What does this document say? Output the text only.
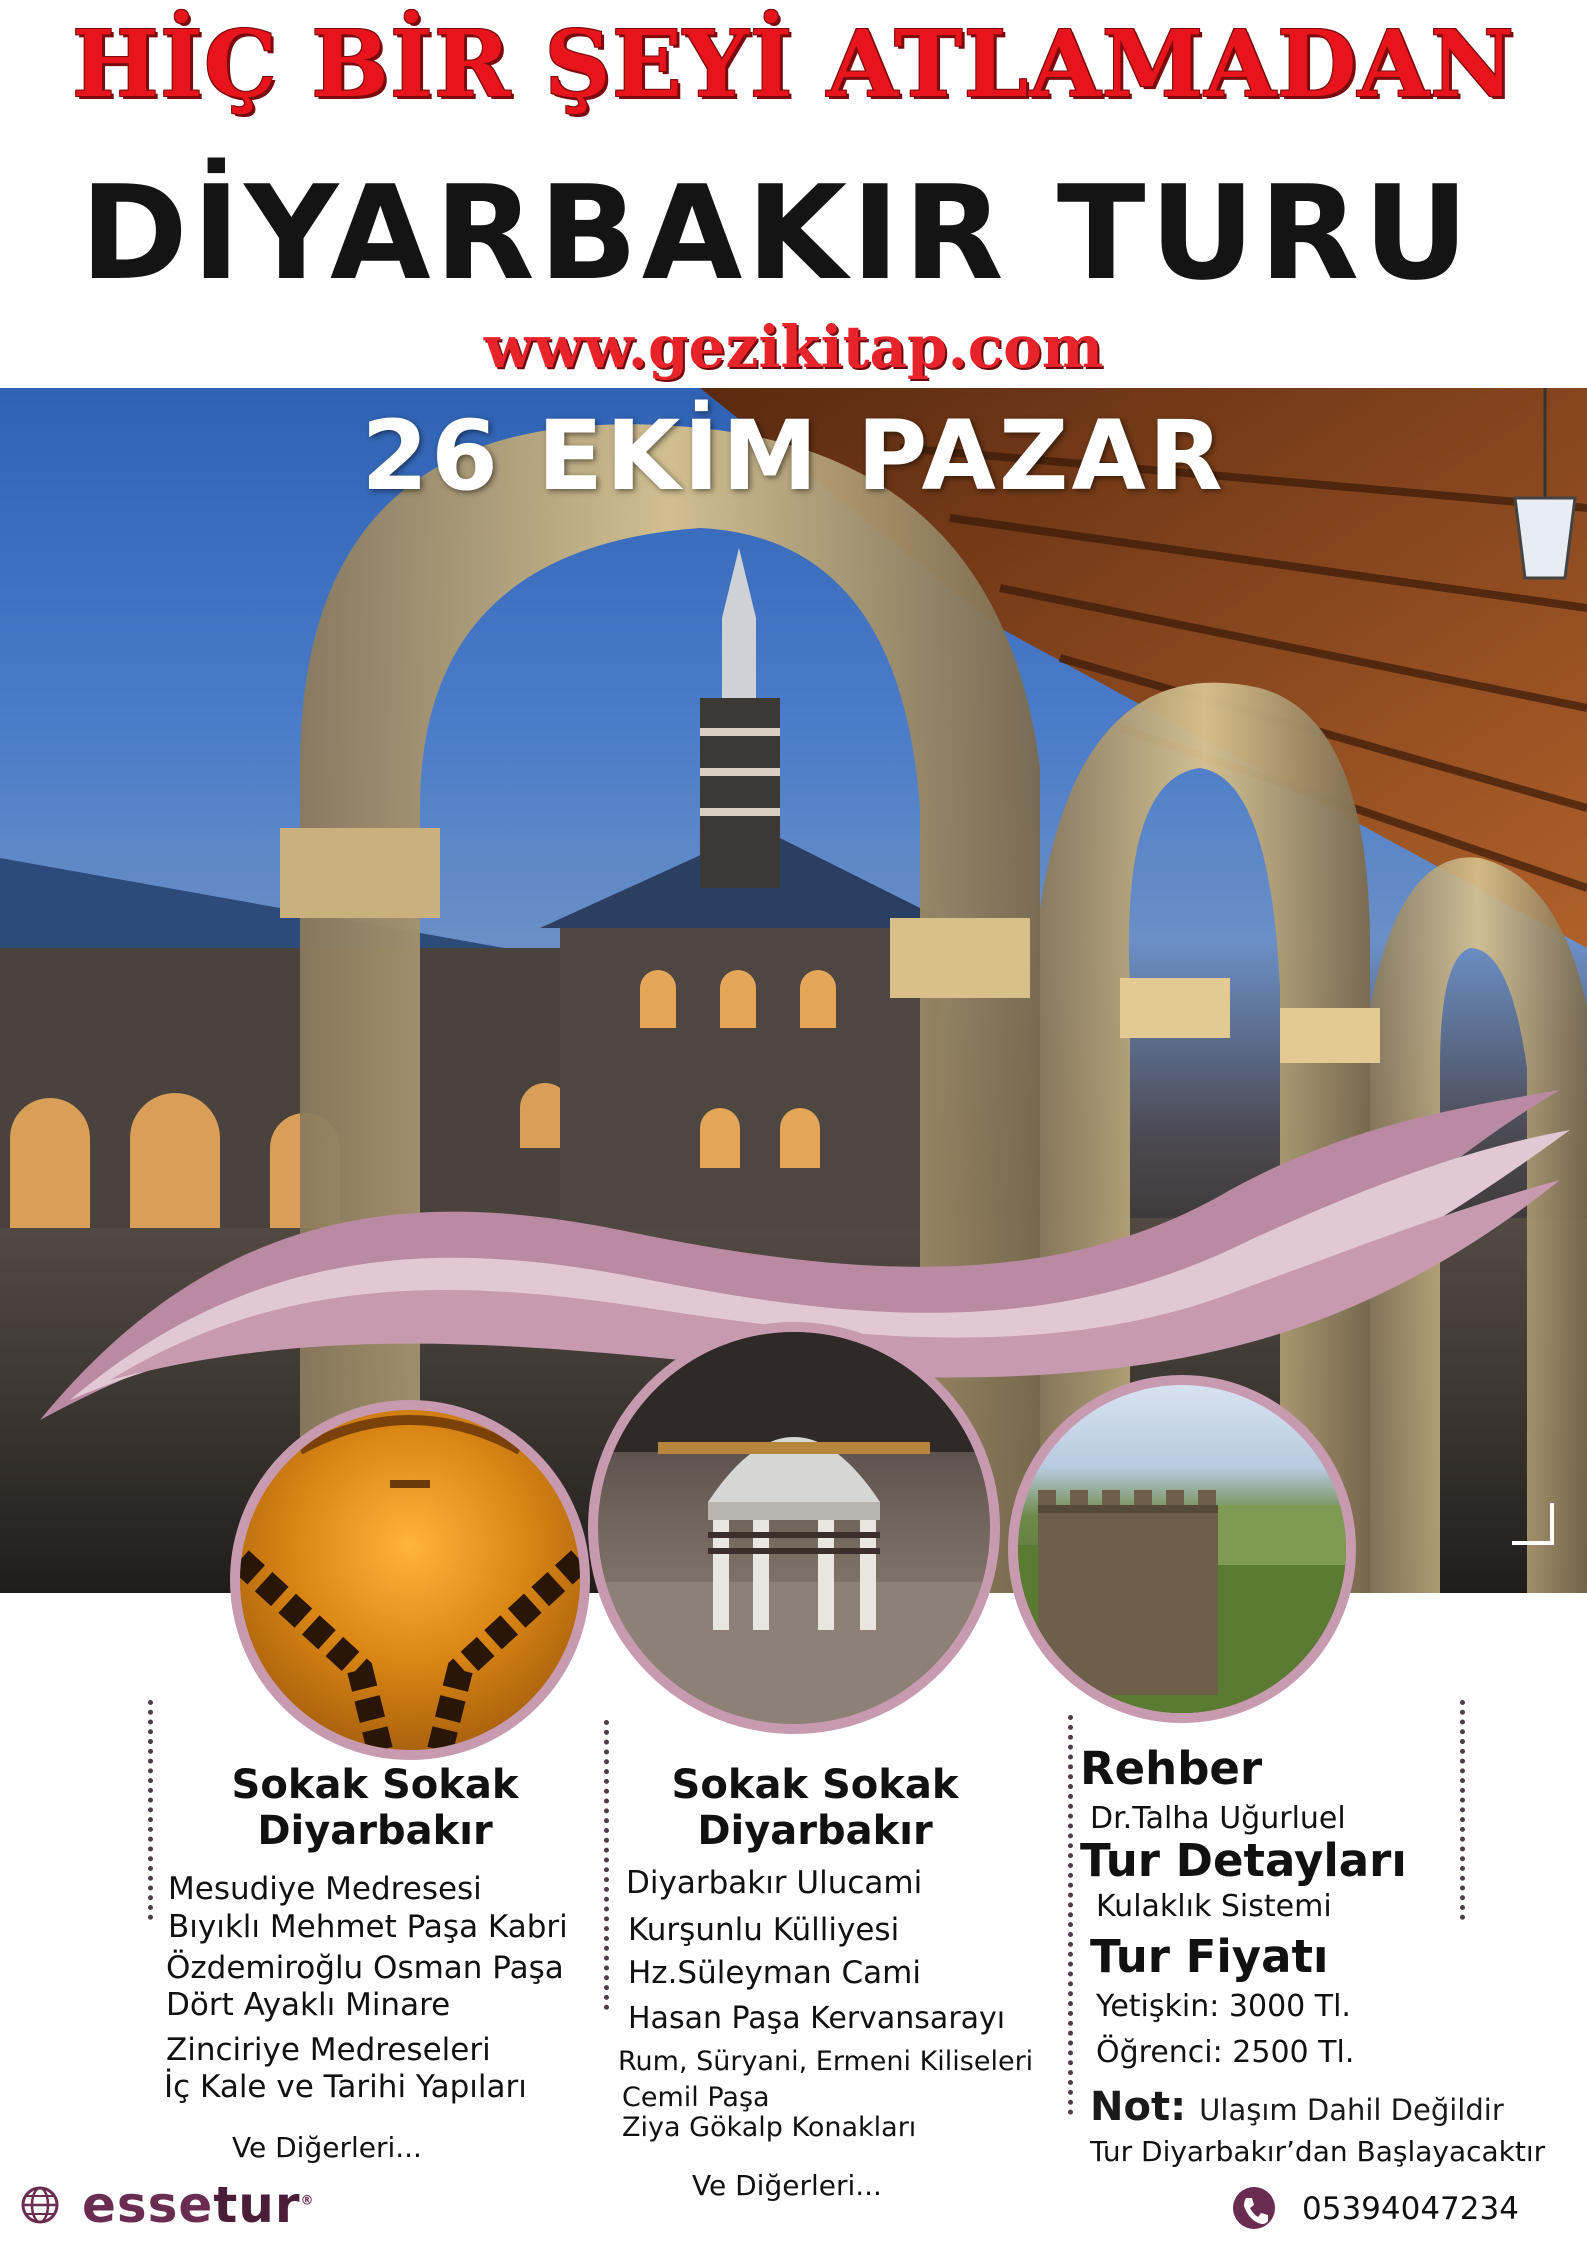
HİÇ BİR ŞEYİ ATLAMADAN
DİYARBAKIR TURU
www.gezikitap.com
26 EKİM PAZAR
Sokak Sokak
Diyarbakır
Mesudiye Medresesi
Bıyıklı Mehmet Paşa Kabri
Özdemiroğlu Osman Paşa
Dört Ayaklı Minare
Zinciriye Medreseleri
İç Kale ve Tarihi Yapıları
Ve Diğerleri...
Sokak Sokak
Diyarbakır
Diyarbakır Ulucami
Kurşunlu Külliyesi
Hz.Süleyman Cami
Hasan Paşa Kervansarayı
Rum, Süryani, Ermeni Kiliseleri
Cemil Paşa
Ziya Gökalp Konakları
Ve Diğerleri...
Rehber
Dr.Talha Uğurluel
Tur Detayları
Kulaklık Sistemi
Tur Fiyatı
Yetişkin: 3000 Tl.
Öğrenci: 2500 Tl.
Not: Ulaşım Dahil Değildir
Tur Diyarbakır’dan Başlayacaktır
essetur®	05394047234
